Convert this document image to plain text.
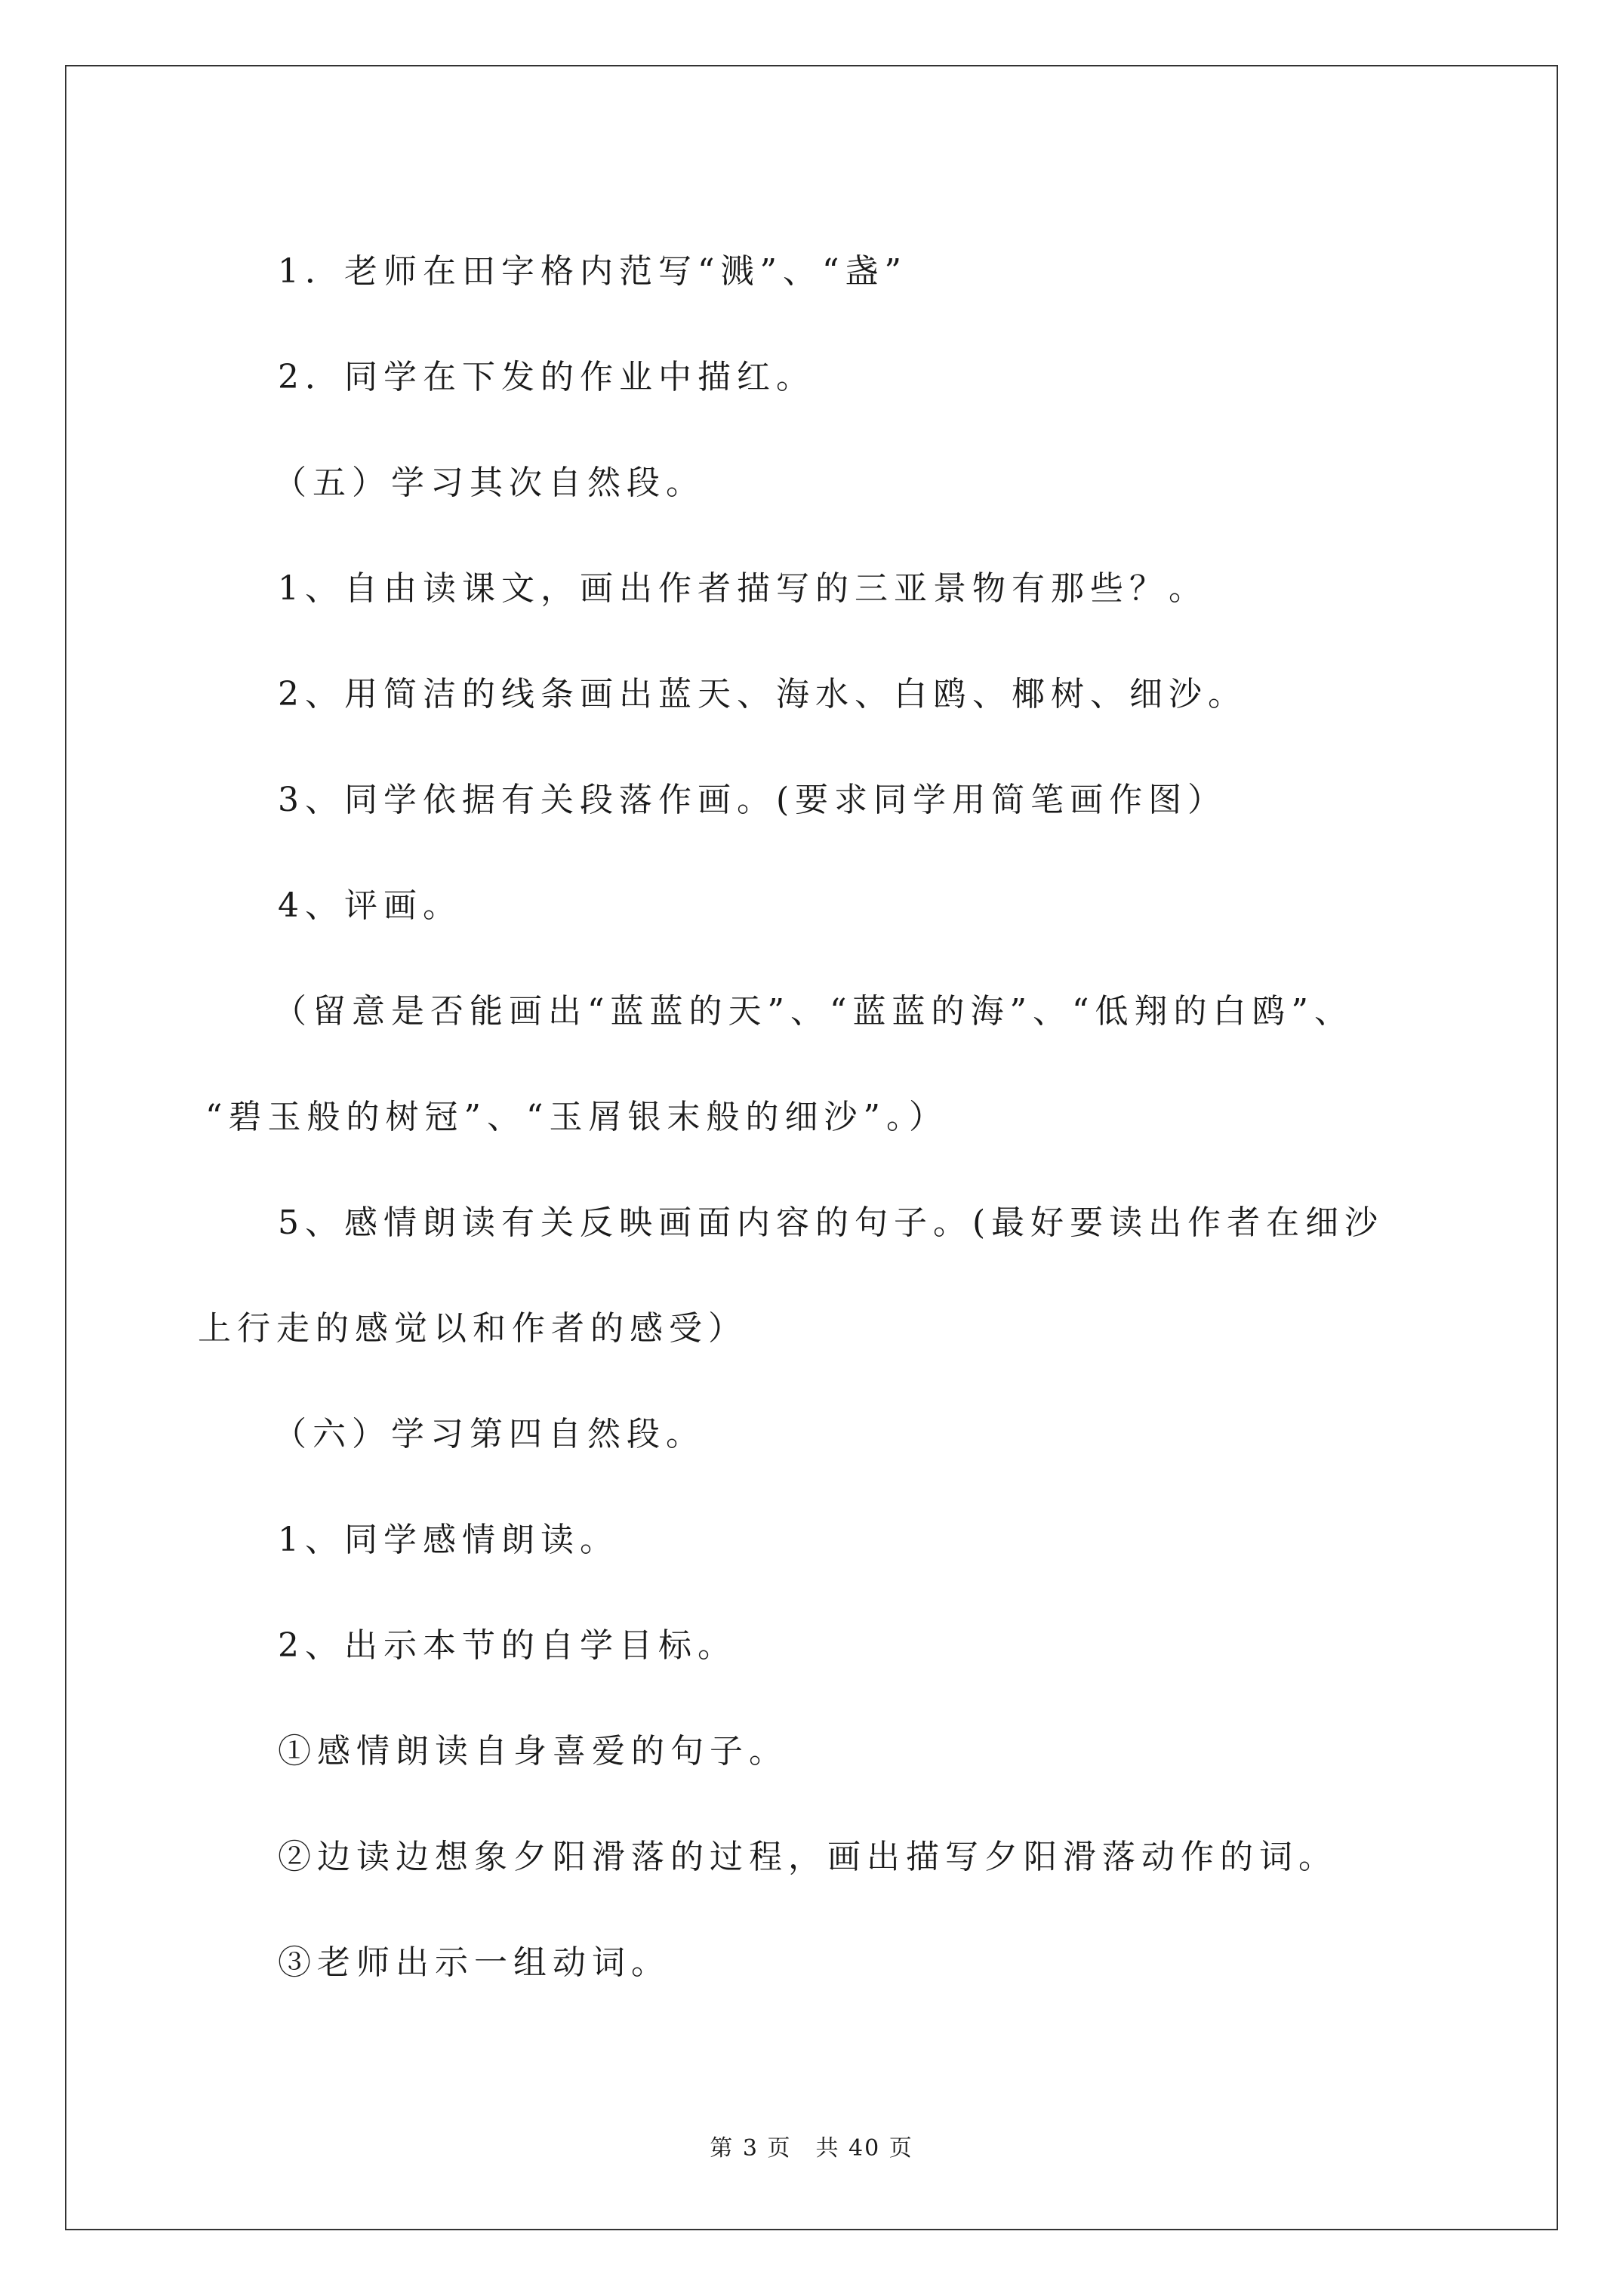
1．老师在田字格内范写“溅”、“盏”

2．同学在下发的作业中描红。

（五）学习其次自然段。

1、自由读课文，画出作者描写的三亚景物有那些？。

2、用简洁的线条画出蓝天、海水、白鸥、椰树、细沙。

3、同学依据有关段落作画。(要求同学用简笔画作图）

4、评画。

（留意是否能画出“蓝蓝的天”、“蓝蓝的海”、“低翔的白鸥”、

“碧玉般的树冠”、“玉屑银末般的细沙”。）

5、感情朗读有关反映画面内容的句子。(最好要读出作者在细沙

上行走的感觉以和作者的感受）

（六）学习第四自然段。

1、同学感情朗读。

2、出示本节的自学目标。

①感情朗读自身喜爱的句子。

②边读边想象夕阳滑落的过程，画出描写夕阳滑落动作的词。

③老师出示一组动词。

第 3 页　共 40 页
